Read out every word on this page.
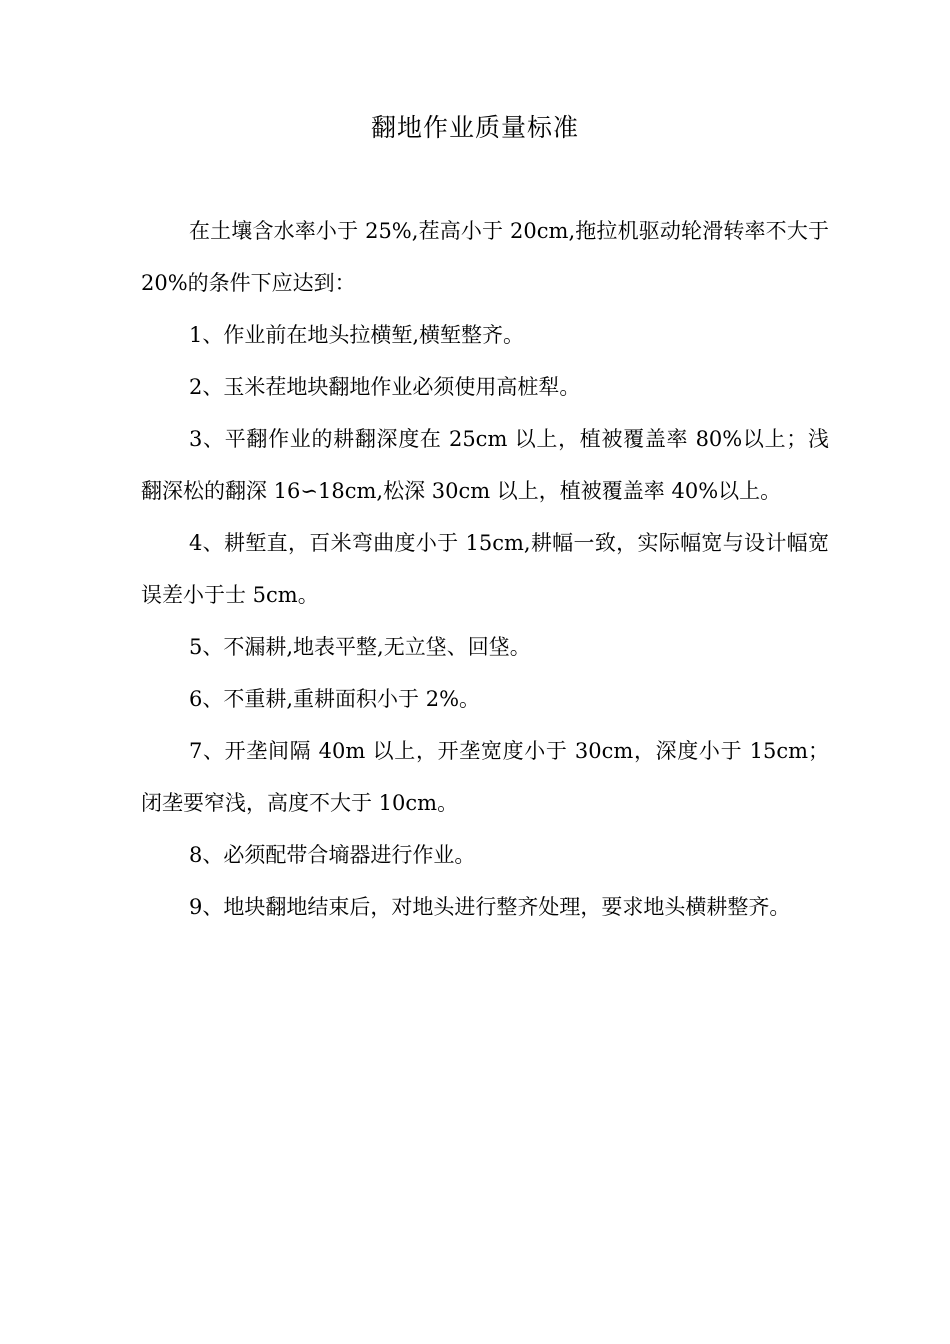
翻地作业质量标准

在土壤含水率小于 25%,茬高小于 20cm,拖拉机驱动轮滑转率不大于 20%的条件下应达到：

1、作业前在地头拉横堑,横堑整齐。

2、玉米茬地块翻地作业必须使用高桩犁。

3、平翻作业的耕翻深度在 25cm 以上，植被覆盖率 80%以上；浅翻深松的翻深 16∽18cm,松深 30cm 以上，植被覆盖率 40%以上。

4、耕堑直，百米弯曲度小于 15cm,耕幅一致，实际幅宽与设计幅宽误差小于士 5cm。

5、不漏耕,地表平整,无立垡、回垡。

6、不重耕,重耕面积小于 2%。

7、开垄间隔 40m 以上，开垄宽度小于 30cm，深度小于 15cm；闭垄要窄浅，高度不大于 10cm。

8、必须配带合墒器进行作业。

9、地块翻地结束后，对地头进行整齐处理，要求地头横耕整齐。
